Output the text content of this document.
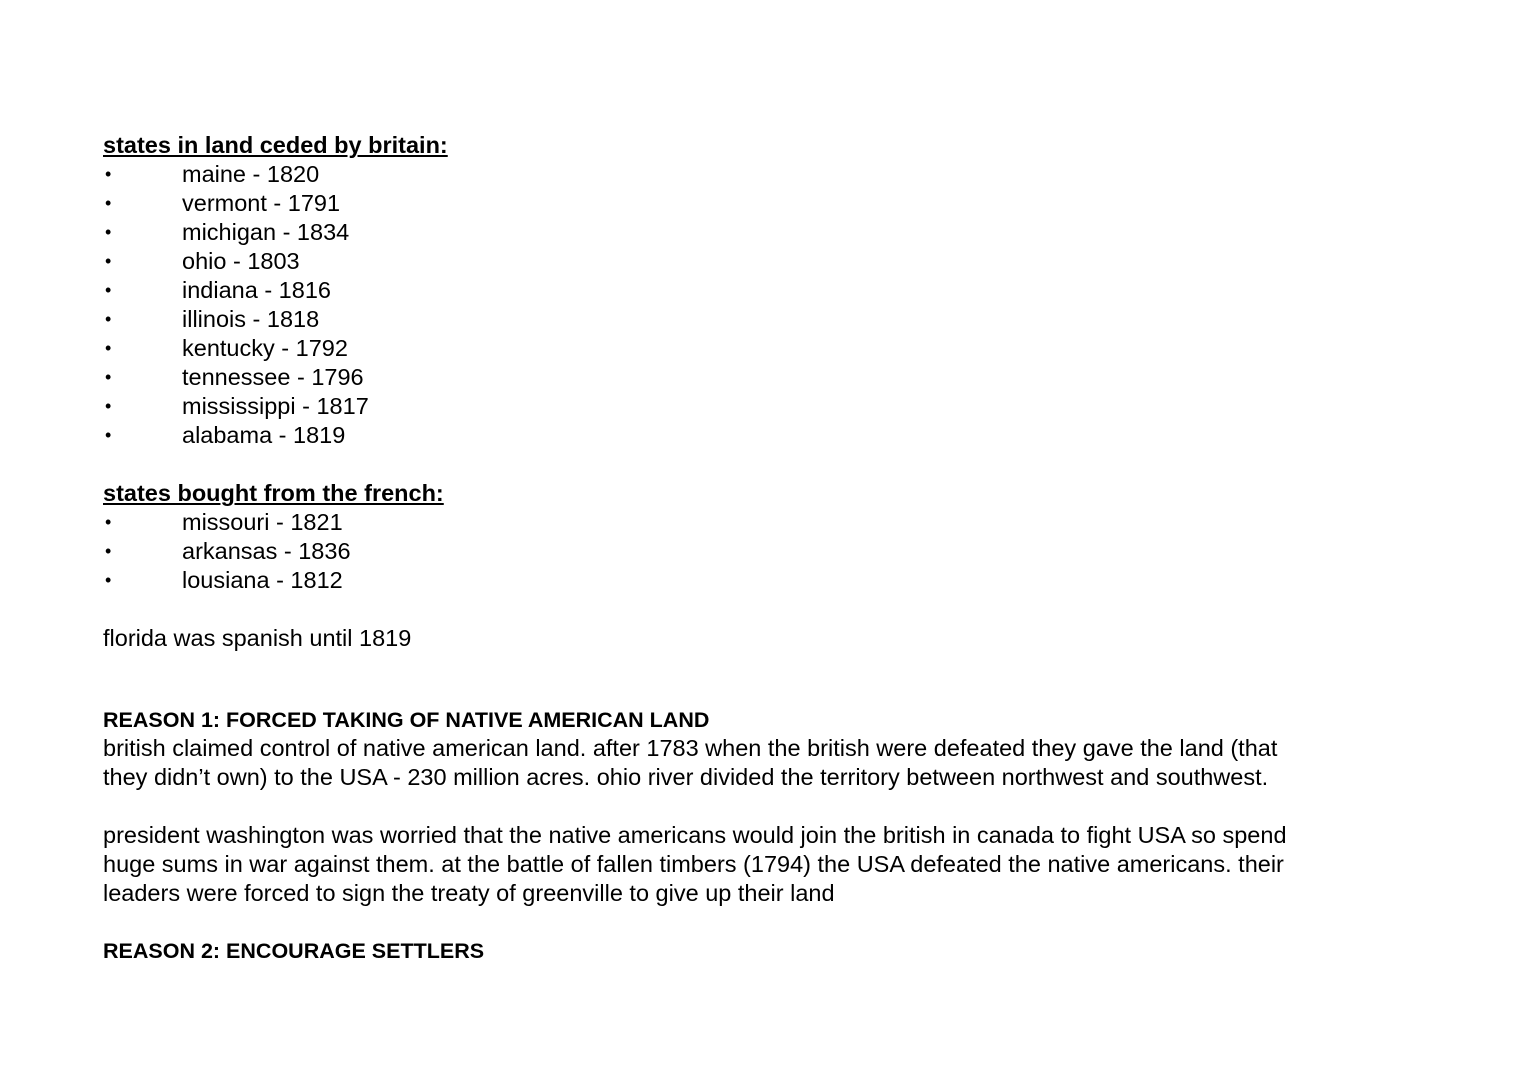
states in land ceded by britain:

•	maine - 1820
•	vermont - 1791
•	michigan - 1834
•	ohio - 1803
•	indiana - 1816
•	illinois - 1818
•	kentucky - 1792
•	tennessee - 1796
•	mississippi - 1817
•	alabama - 1819

states bought from the french:

•	missouri - 1821
•	arkansas - 1836
•	lousiana - 1812

florida was spanish until 1819

REASON 1: FORCED TAKING OF NATIVE AMERICAN LAND

british claimed control of native american land. after 1783 when the british were defeated they gave the land (that
they didn’t own) to the USA - 230 million acres. ohio river divided the territory between northwest and southwest.
president washington was worried that the native americans would join the british in canada to fight USA so spend
huge sums in war against them. at the battle of fallen timbers (1794) the USA defeated the native americans. their
leaders were forced to sign the treaty of greenville to give up their land

REASON 2: ENCOURAGE SETTLERS
